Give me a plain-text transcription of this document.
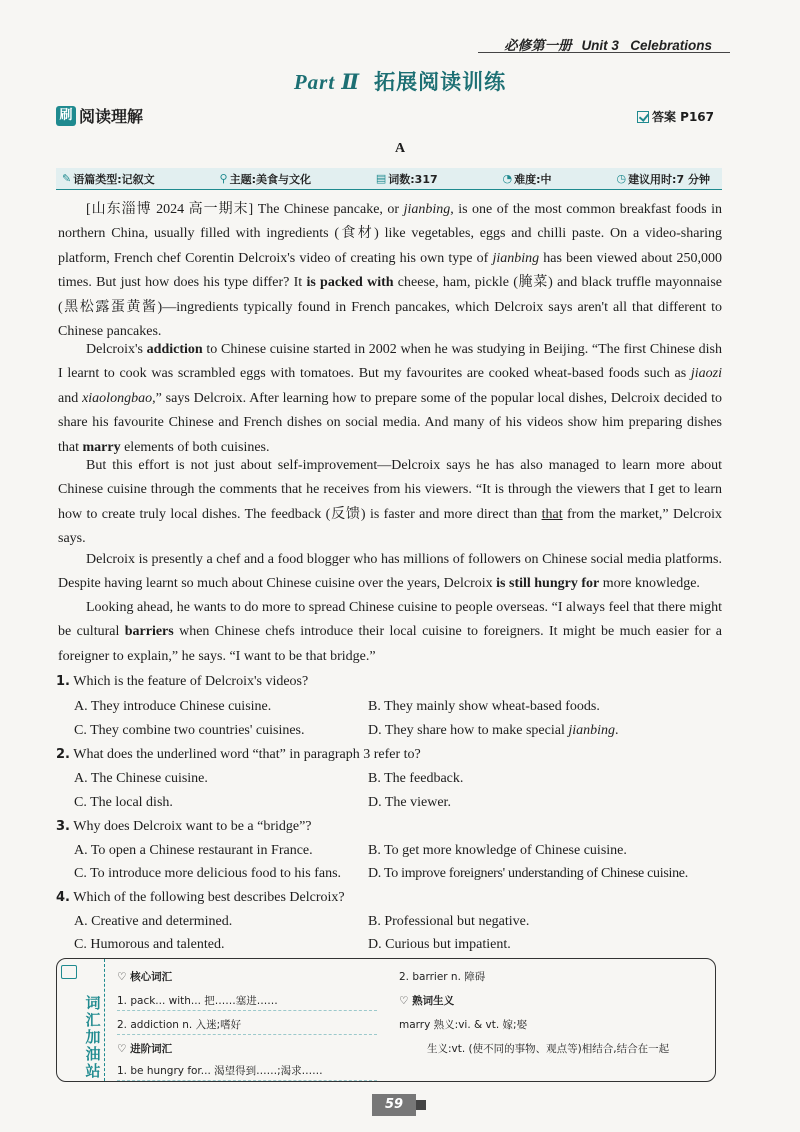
必修第一册 Unit 3 Celebrations
Part Ⅱ 拓展阅读训练
刷 阅读理解	答案 P167
A
✎ 语篇类型:记叙文	⚲ 主题:美食与文化	▤ 词数:317	◔ 难度:中	◷ 建议用时:7 分钟
[山东淄博 2024 高一期末] The Chinese pancake, or jianbing, is one of the most common breakfast foods in northern China, usually filled with ingredients (食材) like vegetables, eggs and chilli paste. On a video-sharing platform, French chef Corentin Delcroix's video of creating his own type of jianbing has been viewed about 250,000 times. But just how does his type differ? It is packed with cheese, ham, pickle (腌菜) and black truffle mayonnaise (黑松露蛋黄酱)—ingredients typically found in French pancakes, which Delcroix says aren't all that different to Chinese pancakes.
Delcroix's addiction to Chinese cuisine started in 2002 when he was studying in Beijing. “The first Chinese dish I learnt to cook was scrambled eggs with tomatoes. But my favourites are cooked wheat-based foods such as jiaozi and xiaolongbao,” says Delcroix. After learning how to prepare some of the popular local dishes, Delcroix decided to share his favourite Chinese and French dishes on social media. And many of his videos show him preparing dishes that marry elements of both cuisines.
But this effort is not just about self-improvement—Delcroix says he has also managed to learn more about Chinese cuisine through the comments that he receives from his viewers. “It is through the viewers that I get to learn how to create truly local dishes. The feedback (反馈) is faster and more direct than that from the market,” Delcroix says.
Delcroix is presently a chef and a food blogger who has millions of followers on Chinese social media platforms. Despite having learnt so much about Chinese cuisine over the years, Delcroix is still hungry for more knowledge.
Looking ahead, he wants to do more to spread Chinese cuisine to people overseas. “I always feel that there might be cultural barriers when Chinese chefs introduce their local cuisine to foreigners. It might be much easier for a foreigner to explain,” he says. “I want to be that bridge.”
1. Which is the feature of Delcroix's videos?
A. They introduce Chinese cuisine.	B. They mainly show wheat-based foods.
C. They combine two countries' cuisines.	D. They share how to make special jianbing.
2. What does the underlined word “that” in paragraph 3 refer to?
A. The Chinese cuisine.	B. The feedback.
C. The local dish.	D. The viewer.
3. Why does Delcroix want to be a “bridge”?
A. To open a Chinese restaurant in France.	B. To get more knowledge of Chinese cuisine.
C. To introduce more delicious food to his fans. D. To improve foreigners' understanding of Chinese cuisine.
4. Which of the following best describes Delcroix?
A. Creative and determined.	B. Professional but negative.
C. Humorous and talented.	D. Curious but impatient.
词汇加油站
♡ 核心词汇
1. pack... with... 把……塞进……
2. addiction n. 入迷;嗜好
♡ 进阶词汇
1. be hungry for... 渴望得到……;渴求……
2. barrier n. 障碍
♡ 熟词生义
marry 熟义:vi. & vt. 嫁;娶
生义:vt. (使不同的事物、观点等)相结合,结合在一起
59
